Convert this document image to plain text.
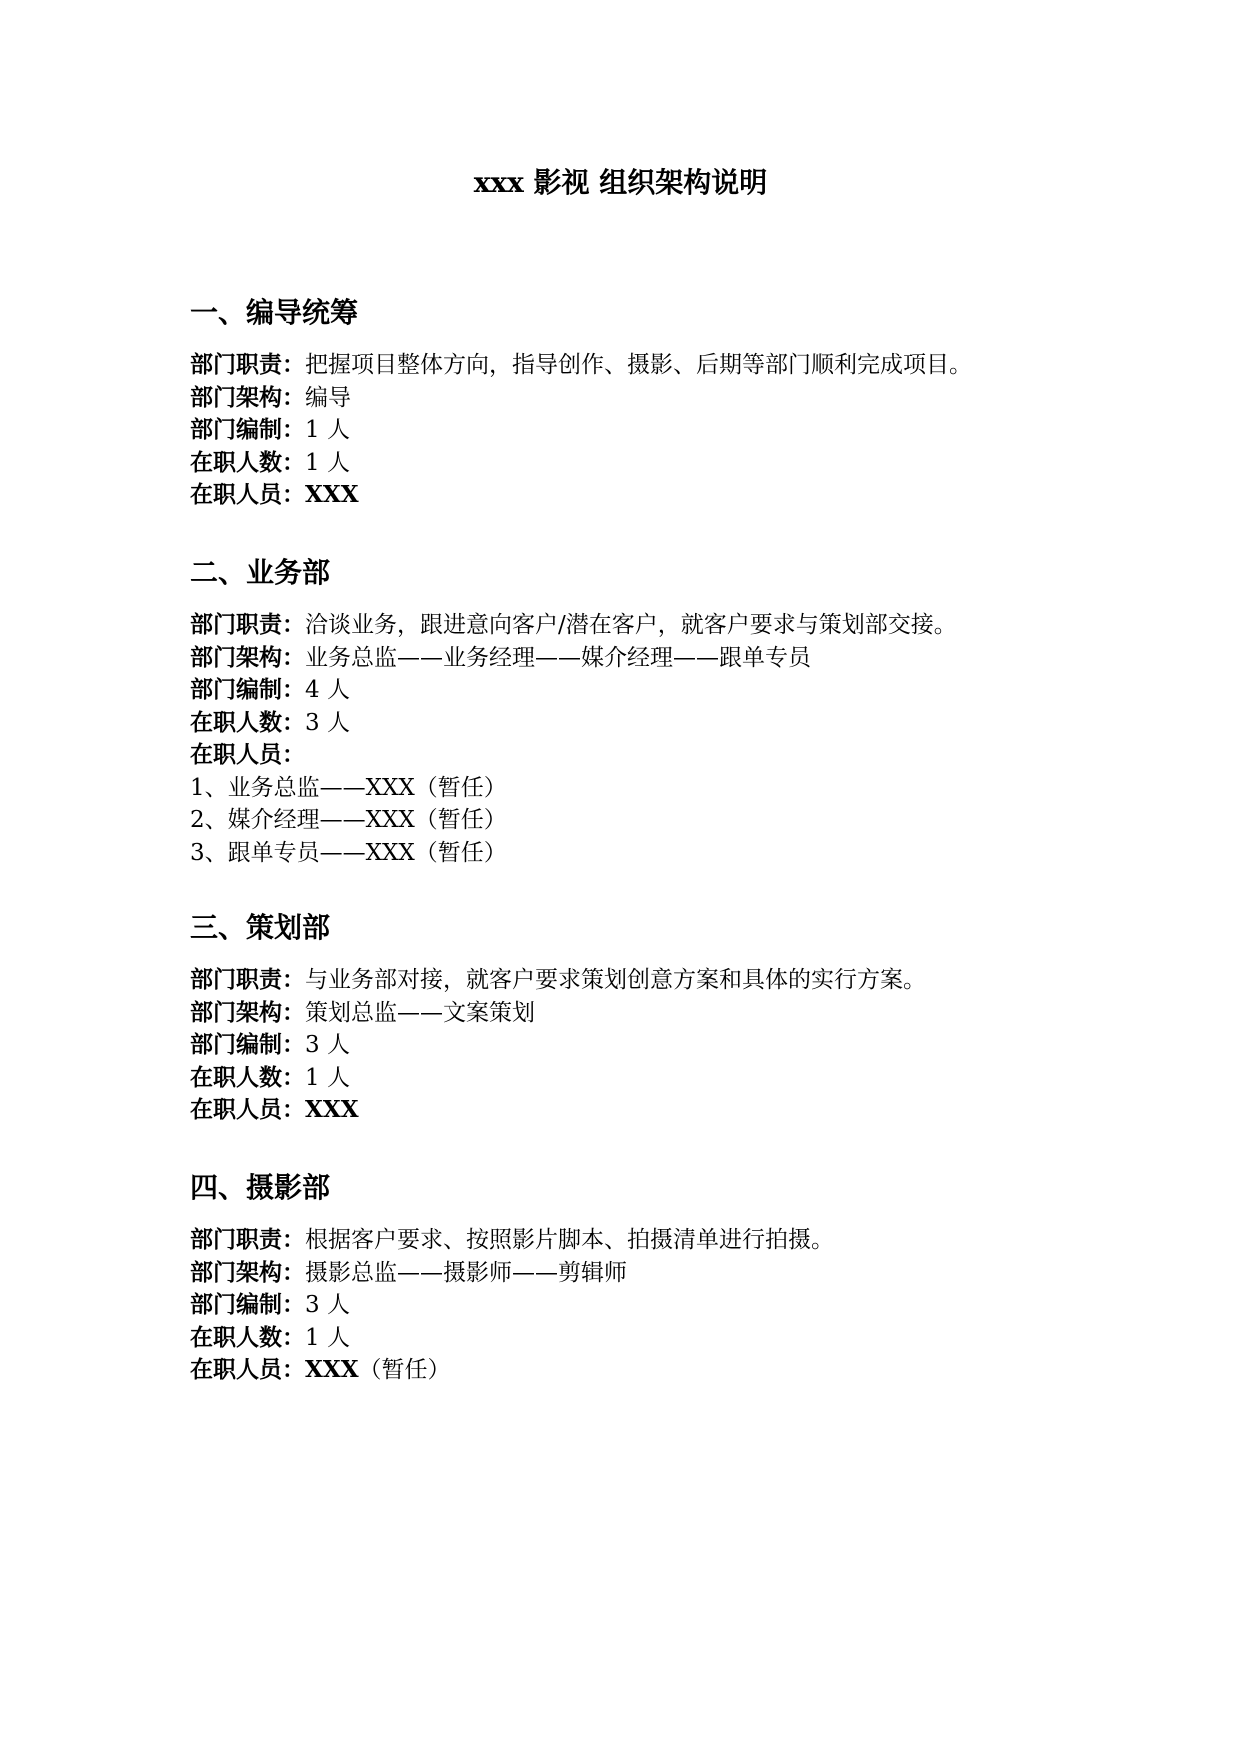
xxx 影视 组织架构说明
一、编导统筹
部门职责：把握项目整体方向，指导创作、摄影、后期等部门顺利完成项目。
部门架构：编导
部门编制：1 人
在职人数：1 人
在职人员：XXX
二、业务部
部门职责：洽谈业务，跟进意向客户/潜在客户，就客户要求与策划部交接。
部门架构：业务总监——业务经理——媒介经理——跟单专员
部门编制：4 人
在职人数：3 人
在职人员：
1、业务总监——XXX（暂任）
2、媒介经理——XXX（暂任）
3、跟单专员——XXX（暂任）
三、策划部
部门职责：与业务部对接，就客户要求策划创意方案和具体的实行方案。
部门架构：策划总监——文案策划
部门编制：3 人
在职人数：1 人
在职人员：XXX
四、摄影部
部门职责：根据客户要求、按照影片脚本、拍摄清单进行拍摄。
部门架构：摄影总监——摄影师——剪辑师
部门编制：3 人
在职人数：1 人
在职人员：XXX（暂任）
